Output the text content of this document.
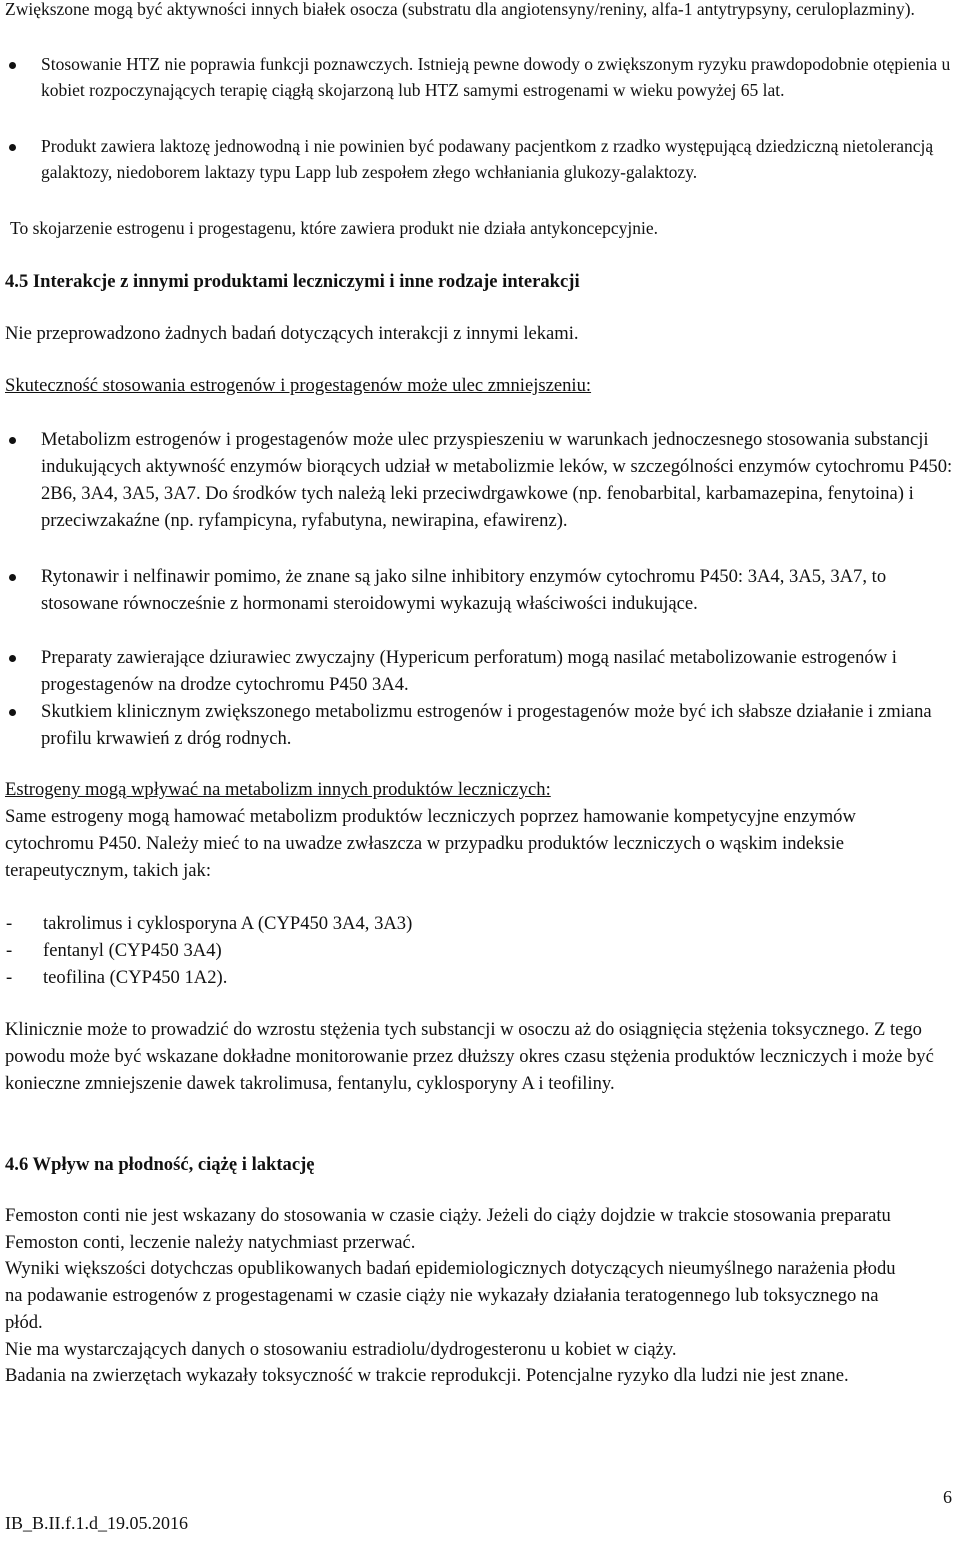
Zwiększone mogą być aktywności innych białek osocza (substratu dla angiotensyny/reniny, alfa-1 antytrypsyny, ceruloplazminy).

Stosowanie HTZ nie poprawia funkcji poznawczych. Istnieją pewne dowody o zwiększonym ryzyku prawdopodobnie otępienia u kobiet rozpoczynających terapię ciągłą skojarzoną lub HTZ samymi estrogenami w wieku powyżej 65 lat.

Produkt zawiera laktozę jednowodną i nie powinien być podawany pacjentkom z rzadko występującą dziedziczną nietolerancją galaktozy, niedoborem laktazy typu Lapp lub zespołem złego wchłaniania glukozy-galaktozy.

To skojarzenie estrogenu i progestagenu, które zawiera produkt nie działa antykoncepcyjnie.

4.5 Interakcje z innymi produktami leczniczymi i inne rodzaje interakcji

Nie przeprowadzono żadnych badań dotyczących interakcji z innymi lekami.

Skuteczność stosowania estrogenów i progestagenów może ulec zmniejszeniu:

Metabolizm estrogenów i progestagenów może ulec przyspieszeniu w warunkach jednoczesnego stosowania substancji indukujących aktywność enzymów biorących udział w metabolizmie leków, w szczególności enzymów cytochromu P450: 2B6, 3A4, 3A5, 3A7. Do środków tych należą leki przeciwdrgawkowe (np. fenobarbital, karbamazepina, fenytoina) i przeciwzakaźne (np. ryfampicyna, ryfabutyna, newirapina, efawirenz).

Rytonawir i nelfinawir pomimo, że znane są jako silne inhibitory enzymów cytochromu P450: 3A4, 3A5, 3A7, to stosowane równocześnie z hormonami steroidowymi wykazują właściwości indukujące.

Preparaty zawierające dziurawiec zwyczajny (Hypericum perforatum) mogą nasilać metabolizowanie estrogenów i progestagenów na drodze cytochromu P450 3A4.

Skutkiem klinicznym zwiększonego metabolizmu estrogenów i progestagenów może być ich słabsze działanie i zmiana profilu krwawień z dróg rodnych.

Estrogeny mogą wpływać na metabolizm innych produktów leczniczych:

Same estrogeny mogą hamować metabolizm produktów leczniczych poprzez hamowanie kompetycyjne enzymów cytochromu P450. Należy mieć to na uwadze zwłaszcza w przypadku produktów leczniczych o wąskim indeksie terapeutycznym, takich jak:

- takrolimus i cyklosporyna A (CYP450 3A4, 3A3)

- fentanyl (CYP450 3A4)

- teofilina (CYP450 1A2).

Klinicznie może to prowadzić do wzrostu stężenia tych substancji w osoczu aż do osiągnięcia stężenia toksycznego. Z tego powodu może być wskazane dokładne monitorowanie przez dłuższy okres czasu stężenia produktów leczniczych i może być konieczne zmniejszenie dawek takrolimusa, fentanylu, cyklosporyny A i teofiliny.

4.6 Wpływ na płodność, ciążę i laktację

Femoston conti nie jest wskazany do stosowania w czasie ciąży. Jeżeli do ciąży dojdzie w trakcie stosowania preparatu Femoston conti, leczenie należy natychmiast przerwać.

Wyniki większości dotychczas opublikowanych badań epidemiologicznych dotyczących nieumyślnego narażenia płodu na podawanie estrogenów z progestagenami w czasie ciąży nie wykazały działania teratogennego lub toksycznego na płód.

Nie ma wystarczających danych o stosowaniu estradiolu/dydrogesteronu u kobiet w ciąży.

Badania na zwierzętach wykazały toksyczność w trakcie reprodukcji. Potencjalne ryzyko dla ludzi nie jest znane.

6

IB_B.II.f.1.d_19.05.2016
